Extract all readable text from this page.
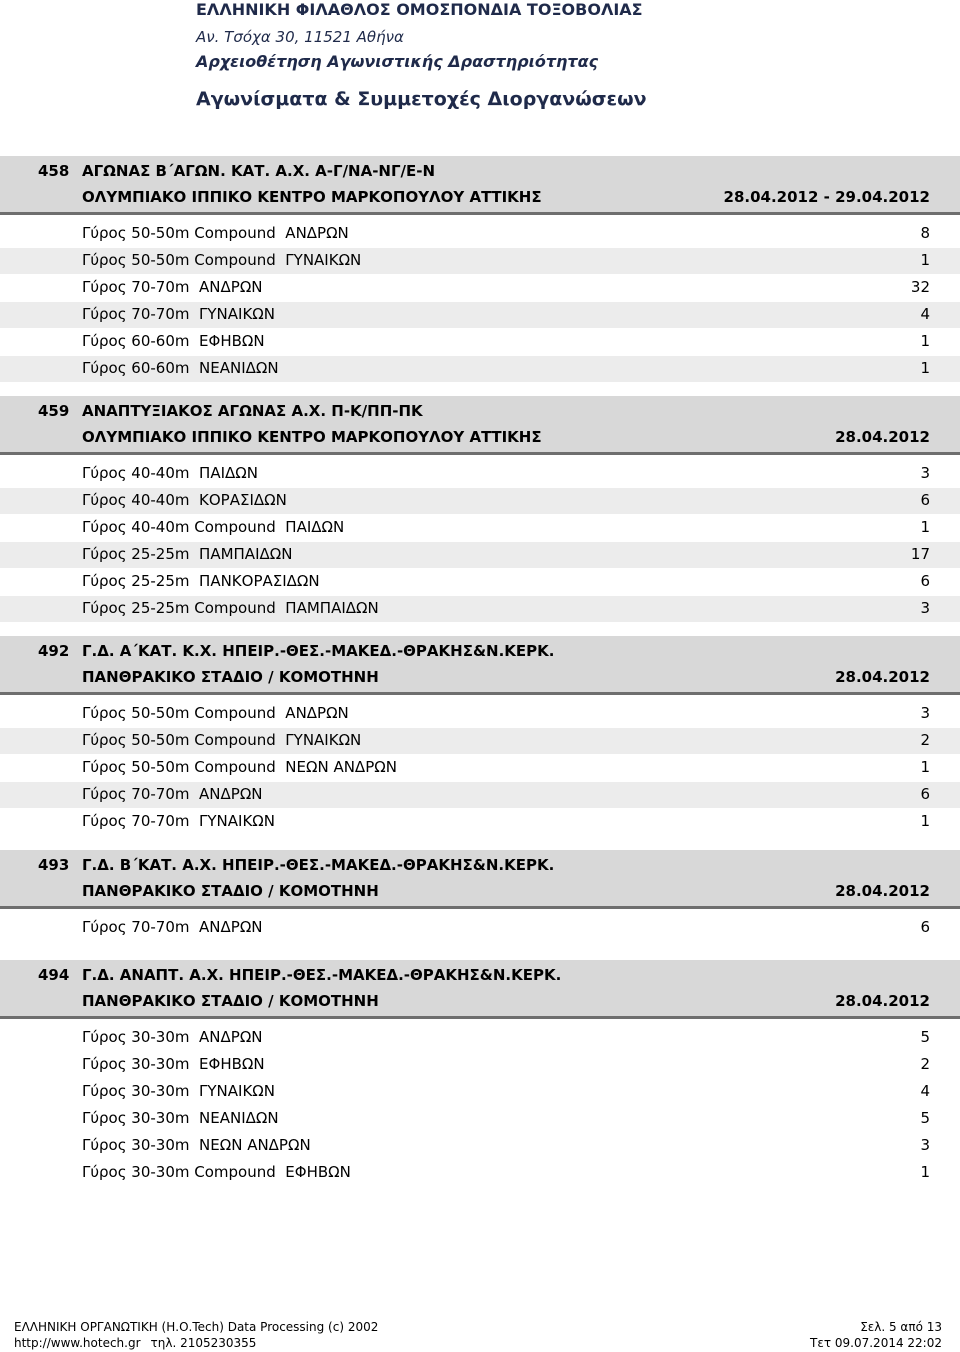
ΕΛΛΗΝΙΚΗ ΦΙΛΑΘΛΟΣ ΟΜΟΣΠΟΝΔΙΑ ΤΟΞΟΒΟΛΙΑΣ
Αν. Τσόχα 30, 11521 Αθήνα
Αρχειοθέτηση Αγωνιστικής Δραστηριότητας
Αγωνίσματα & Συμμετοχές Διοργανώσεων
458 ΑΓΩΝΑΣ Β΄ΑΓΩΝ. ΚΑΤ. Α.Χ. Α-Γ/ΝΑ-ΝΓ/Ε-Ν
ΟΛΥΜΠΙΑΚΟ ΙΠΠΙΚΟ ΚΕΝΤΡΟ ΜΑΡΚΟΠΟΥΛΟΥ ΑΤΤΙΚΗΣ	28.04.2012 - 29.04.2012
Γύρος 50-50m Compound  ΑΝΔΡΩΝ	8
Γύρος 50-50m Compound  ΓΥΝΑΙΚΩΝ	1
Γύρος 70-70m  ΑΝΔΡΩΝ	32
Γύρος 70-70m  ΓΥΝΑΙΚΩΝ	4
Γύρος 60-60m  ΕΦΗΒΩΝ	1
Γύρος 60-60m  ΝΕΑΝΙΔΩΝ	1
459 ΑΝΑΠΤΥΞΙΑΚΟΣ ΑΓΩΝΑΣ Α.Χ. Π-Κ/ΠΠ-ΠΚ
ΟΛΥΜΠΙΑΚΟ ΙΠΠΙΚΟ ΚΕΝΤΡΟ ΜΑΡΚΟΠΟΥΛΟΥ ΑΤΤΙΚΗΣ	28.04.2012
Γύρος 40-40m  ΠΑΙΔΩΝ	3
Γύρος 40-40m  ΚΟΡΑΣΙΔΩΝ	6
Γύρος 40-40m Compound  ΠΑΙΔΩΝ	1
Γύρος 25-25m  ΠΑΜΠΑΙΔΩΝ	17
Γύρος 25-25m  ΠΑΝΚΟΡΑΣΙΔΩΝ	6
Γύρος 25-25m Compound  ΠΑΜΠΑΙΔΩΝ	3
492 Γ.Δ. Α΄ΚΑΤ. Κ.Χ. ΗΠΕΙΡ.-ΘΕΣ.-ΜΑΚΕΔ.-ΘΡΑΚΗΣ&Ν.ΚΕΡΚ.
ΠΑΝΘΡΑΚΙΚΟ ΣΤΑΔΙΟ / ΚΟΜΟΤΗΝΗ	28.04.2012
Γύρος 50-50m Compound  ΑΝΔΡΩΝ	3
Γύρος 50-50m Compound  ΓΥΝΑΙΚΩΝ	2
Γύρος 50-50m Compound  ΝΕΩΝ ΑΝΔΡΩΝ	1
Γύρος 70-70m  ΑΝΔΡΩΝ	6
Γύρος 70-70m  ΓΥΝΑΙΚΩΝ	1
493 Γ.Δ. Β΄ΚΑΤ. Α.Χ. ΗΠΕΙΡ.-ΘΕΣ.-ΜΑΚΕΔ.-ΘΡΑΚΗΣ&Ν.ΚΕΡΚ.
ΠΑΝΘΡΑΚΙΚΟ ΣΤΑΔΙΟ / ΚΟΜΟΤΗΝΗ	28.04.2012
Γύρος 70-70m  ΑΝΔΡΩΝ	6
494 Γ.Δ. ΑΝΑΠΤ. Α.Χ. ΗΠΕΙΡ.-ΘΕΣ.-ΜΑΚΕΔ.-ΘΡΑΚΗΣ&Ν.ΚΕΡΚ.
ΠΑΝΘΡΑΚΙΚΟ ΣΤΑΔΙΟ / ΚΟΜΟΤΗΝΗ	28.04.2012
Γύρος 30-30m  ΑΝΔΡΩΝ	5
Γύρος 30-30m  ΕΦΗΒΩΝ	2
Γύρος 30-30m  ΓΥΝΑΙΚΩΝ	4
Γύρος 30-30m  ΝΕΑΝΙΔΩΝ	5
Γύρος 30-30m  ΝΕΩΝ ΑΝΔΡΩΝ	3
Γύρος 30-30m Compound  ΕΦΗΒΩΝ	1
ΕΛΛΗΝΙΚΗ ΟΡΓΑΝΩΤΙΚΗ (Η.Ο.Tech) Data Processing (c) 2002
http://www.hotech.gr τηλ. 2105230355
Σελ. 5 από 13
Τετ 09.07.2014 22:02
